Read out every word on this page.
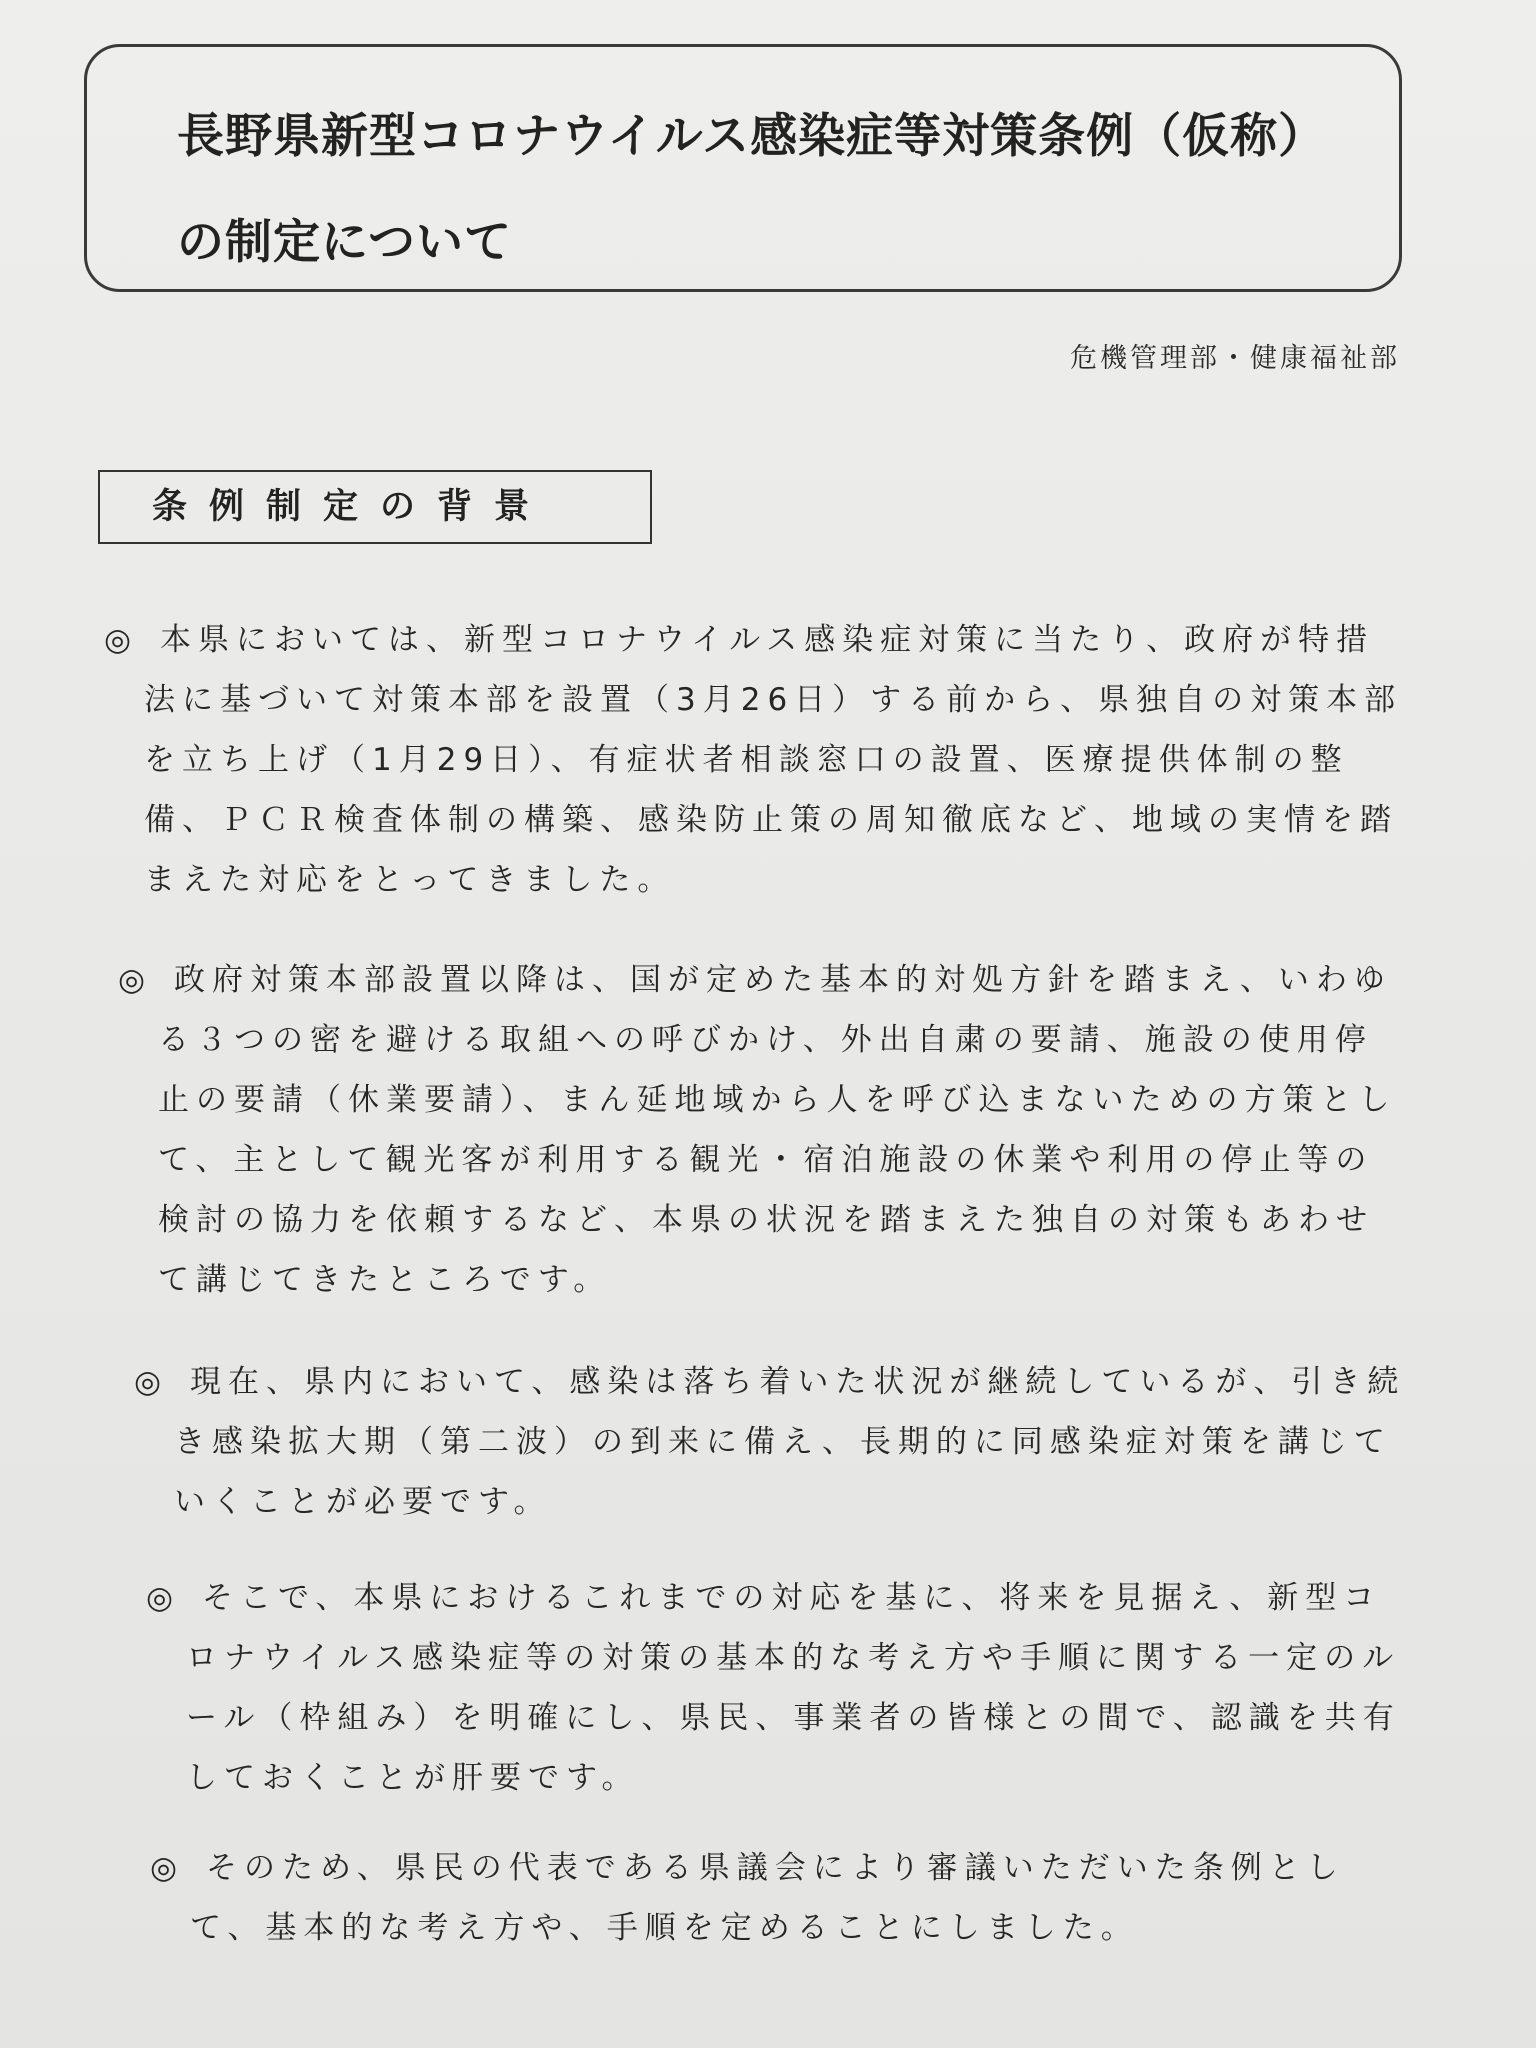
長野県新型コロナウイルス感染症等対策条例（仮称）
の制定について
危機管理部・健康福祉部
条例制定の背景
◎ 本県においては、新型コロナウイルス感染症対策に当たり、政府が特措法に基づいて対策本部を設置（3月26日）する前から、県独自の対策本部を立ち上げ（1月29日）、有症状者相談窓口の設置、医療提供体制の整備、ＰＣＲ検査体制の構築、感染防止策の周知徹底など、地域の実情を踏まえた対応をとってきました。
◎ 政府対策本部設置以降は、国が定めた基本的対処方針を踏まえ、いわゆる３つの密を避ける取組への呼びかけ、外出自粛の要請、施設の使用停止の要請（休業要請）、まん延地域から人を呼び込まないための方策として、主として観光客が利用する観光・宿泊施設の休業や利用の停止等の検討の協力を依頼するなど、本県の状況を踏まえた独自の対策もあわせて講じてきたところです。
◎ 現在、県内において、感染は落ち着いた状況が継続しているが、引き続き感染拡大期（第二波）の到来に備え、長期的に同感染症対策を講じていくことが必要です。
◎ そこで、本県におけるこれまでの対応を基に、将来を見据え、新型コロナウイルス感染症等の対策の基本的な考え方や手順に関する一定のルール（枠組み）を明確にし、県民、事業者の皆様との間で、認識を共有しておくことが肝要です。
◎ そのため、県民の代表である県議会により審議いただいた条例として、基本的な考え方や、手順を定めることにしました。
